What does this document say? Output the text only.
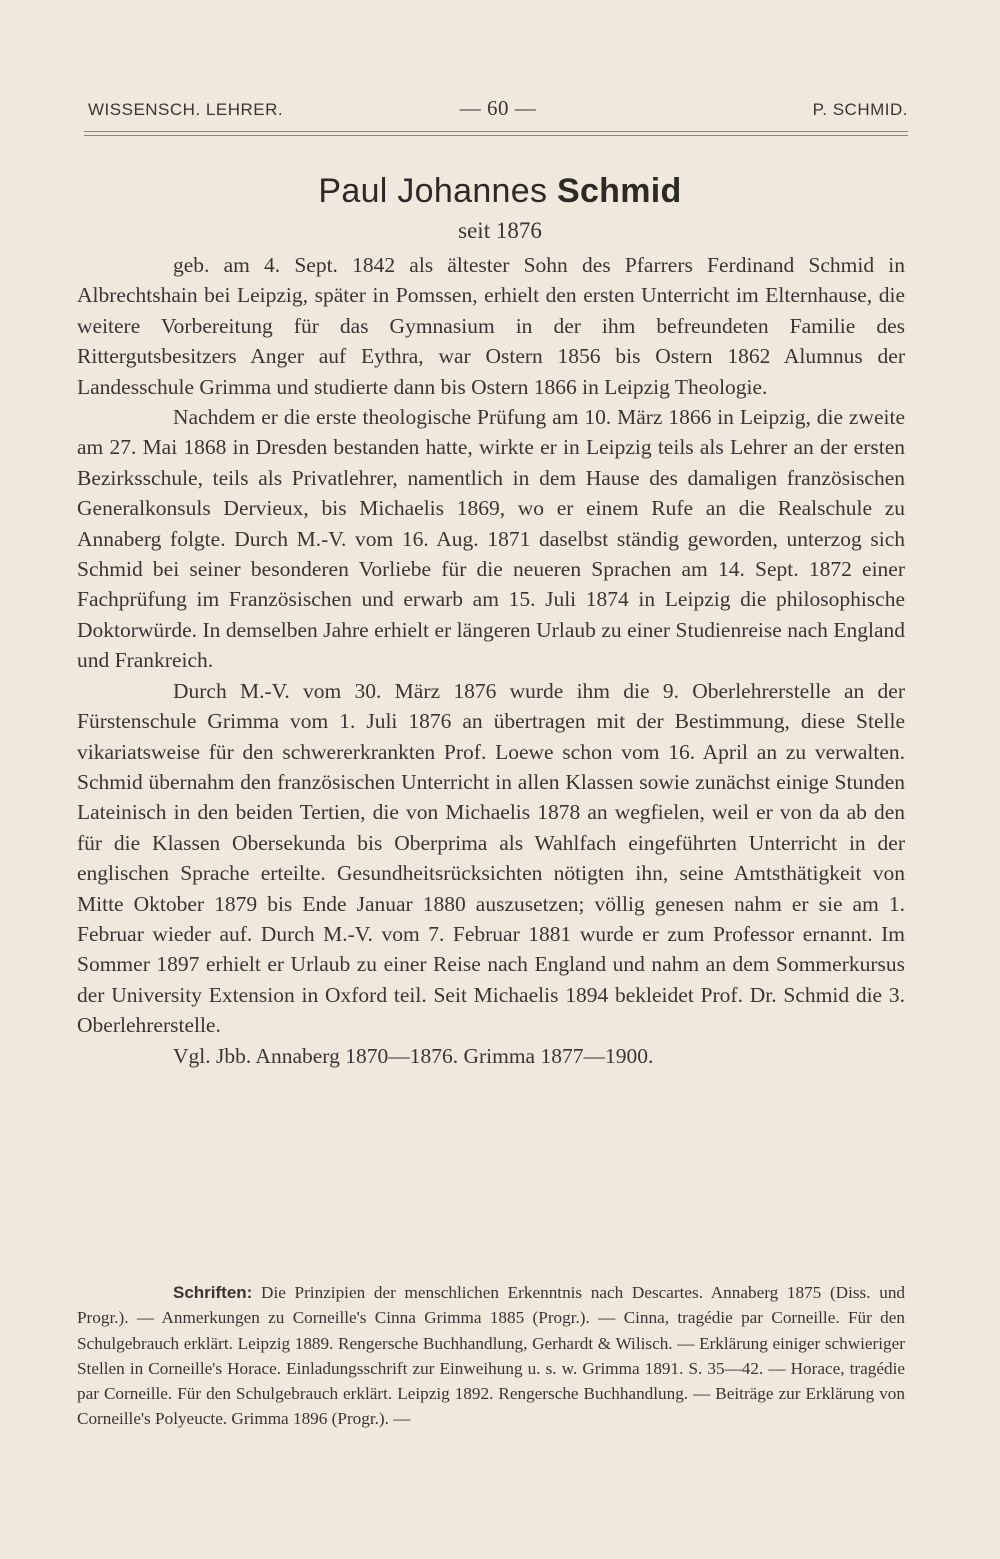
WISSENSCH. LEHRER.	— 60 —	P. SCHMID.
Paul Johannes Schmid
seit 1876

geb. am 4. Sept. 1842 als ältester Sohn des Pfarrers Ferdinand Schmid in Albrechtshain bei Leipzig, später in Pomssen, erhielt den ersten Unterricht im Elternhause, die weitere Vorbereitung für das Gymnasium in der ihm befreundeten Familie des Rittergutsbesitzers Anger auf Eythra, war Ostern 1856 bis Ostern 1862 Alumnus der Landesschule Grimma und studierte dann bis Ostern 1866 in Leipzig Theologie.

Nachdem er die erste theologische Prüfung am 10. März 1866 in Leipzig, die zweite am 27. Mai 1868 in Dresden bestanden hatte, wirkte er in Leipzig teils als Lehrer an der ersten Bezirksschule, teils als Privatlehrer, namentlich in dem Hause des damaligen französischen Generalkonsuls Dervieux, bis Michaelis 1869, wo er einem Rufe an die Realschule zu Annaberg folgte. Durch M.-V. vom 16. Aug. 1871 daselbst ständig geworden, unterzog sich Schmid bei seiner besonderen Vorliebe für die neueren Sprachen am 14. Sept. 1872 einer Fachprüfung im Französischen und erwarb am 15. Juli 1874 in Leipzig die philosophische Doktorwürde. In demselben Jahre erhielt er längeren Urlaub zu einer Studienreise nach England und Frankreich.

Durch M.-V. vom 30. März 1876 wurde ihm die 9. Oberlehrerstelle an der Fürstenschule Grimma vom 1. Juli 1876 an übertragen mit der Bestimmung, diese Stelle vikariatsweise für den schwererkrankten Prof. Loewe schon vom 16. April an zu verwalten. Schmid übernahm den französischen Unterricht in allen Klassen sowie zunächst einige Stunden Lateinisch in den beiden Tertien, die von Michaelis 1878 an wegfielen, weil er von da ab den für die Klassen Obersekunda bis Oberprima als Wahlfach eingeführten Unterricht in der englischen Sprache erteilte. Gesundheitsrücksichten nötigten ihn, seine Amtsthätigkeit von Mitte Oktober 1879 bis Ende Januar 1880 auszusetzen; völlig genesen nahm er sie am 1. Februar wieder auf. Durch M.-V. vom 7. Februar 1881 wurde er zum Professor ernannt. Im Sommer 1897 erhielt er Urlaub zu einer Reise nach England und nahm an dem Sommerkursus der University Extension in Oxford teil. Seit Michaelis 1894 bekleidet Prof. Dr. Schmid die 3. Oberlehrerstelle.

Vgl. Jbb. Annaberg 1870—1876. Grimma 1877—1900.

Schriften: Die Prinzipien der menschlichen Erkenntnis nach Descartes. Annaberg 1875 (Diss. und Progr.). — Anmerkungen zu Corneille's Cinna Grimma 1885 (Progr.). — Cinna, tragédie par Corneille. Für den Schulgebrauch erklärt. Leipzig 1889. Rengersche Buchhandlung, Gerhardt & Wilisch. — Erklärung einiger schwieriger Stellen in Corneille's Horace. Einladungsschrift zur Einweihung u. s. w. Grimma 1891. S. 35—42. — Horace, tragédie par Corneille. Für den Schulgebrauch erklärt. Leipzig 1892. Rengersche Buchhandlung. — Beiträge zur Erklärung von Corneille's Polyeucte. Grimma 1896 (Progr.). —
